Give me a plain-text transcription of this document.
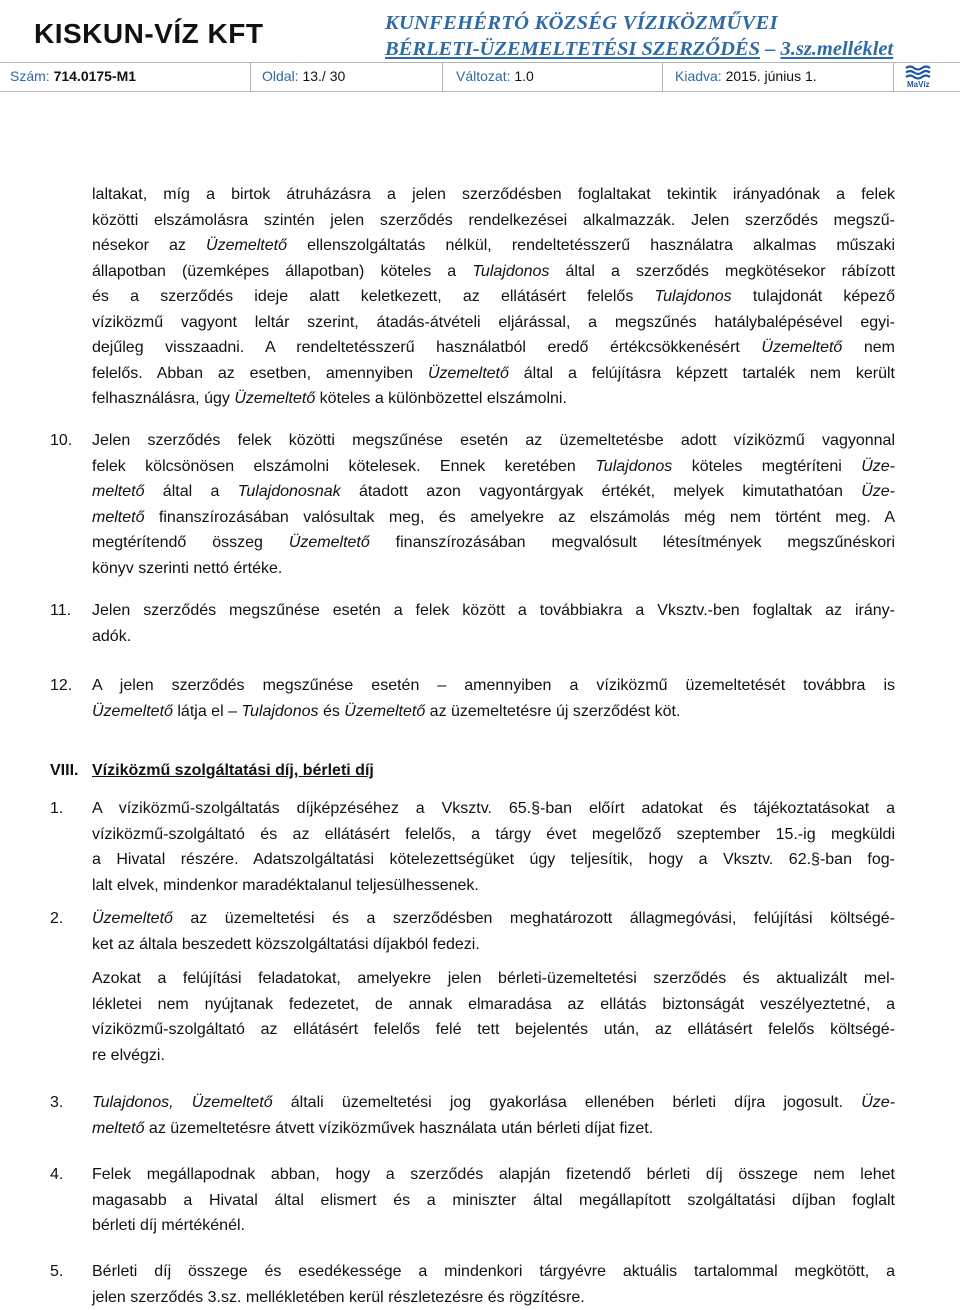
KISKUN-VÍZ KFT	KUNFEHÉRTÓ KÖZSÉG VÍZIKÖZMŰVEI
BÉRLETI-ÜZEMELTETÉSI SZERZŐDÉS – 3.sz.melléklet
Szám: 714.0175-M1	Oldal: 13./ 30	Változat: 1.0	Kiadva: 2015. június 1.
MaVíz
laltakat, míg a birtok átruházásra a jelen szerződésben foglaltakat tekintik irányadónak a felek
közötti elszámolásra szintén jelen szerződés rendelkezései alkalmazzák. Jelen szerződés megszű-
nésekor az Üzemeltető ellenszolgáltatás nélkül, rendeltetésszerű használatra alkalmas műszaki
állapotban (üzemképes állapotban) köteles a Tulajdonos által a szerződés megkötésekor rábízott
és a szerződés ideje alatt keletkezett, az ellátásért felelős Tulajdonos tulajdonát képező
víziközmű vagyont leltár szerint, átadás-átvételi eljárással, a megszűnés hatálybalépésével egyi-
dejűleg visszaadni. A rendeltetésszerű használatból eredő értékcsökkenésért Üzemeltető nem
felelős. Abban az esetben, amennyiben Üzemeltető által a felújításra képzett tartalék nem került
felhasználásra, úgy Üzemeltető köteles a különbözettel elszámolni.
10. Jelen szerződés felek közötti megszűnése esetén az üzemeltetésbe adott víziközmű vagyonnal
felek kölcsönösen elszámolni kötelesek. Ennek keretében Tulajdonos köteles megtéríteni Üze-
meltető által a Tulajdonosnak átadott azon vagyontárgyak értékét, melyek kimutathatóan Üze-
meltető finanszírozásában valósultak meg, és amelyekre az elszámolás még nem történt meg. A
megtérítendő összeg Üzemeltető finanszírozásában megvalósult létesítmények megszűnéskori
könyv szerinti nettó értéke.
11. Jelen szerződés megszűnése esetén a felek között a továbbiakra a Vksztv.-ben foglaltak az irány-
adók.
12. A jelen szerződés megszűnése esetén – amennyiben a víziközmű üzemeltetését továbbra is
Üzemeltető látja el – Tulajdonos és Üzemeltető az üzemeltetésre új szerződést köt.
VIII. Víziközmű szolgáltatási díj, bérleti díj
1. A víziközmű-szolgáltatás díjképzéséhez a Vksztv. 65.§-ban előírt adatokat és tájékoztatásokat a
víziközmű-szolgáltató és az ellátásért felelős, a tárgy évet megelőző szeptember 15.-ig megküldi
a Hivatal részére. Adatszolgáltatási kötelezettségüket úgy teljesítik, hogy a Vksztv. 62.§-ban fog-
lalt elvek, mindenkor maradéktalanul teljesülhessenek.
2. Üzemeltető az üzemeltetési és a szerződésben meghatározott állagmegóvási, felújítási költségé-
ket az általa beszedett közszolgáltatási díjakból fedezi.
Azokat a felújítási feladatokat, amelyekre jelen bérleti-üzemeltetési szerződés és aktualizált mel-
lékletei nem nyújtanak fedezetet, de annak elmaradása az ellátás biztonságát veszélyeztetné, a
víziközmű-szolgáltató az ellátásért felelős felé tett bejelentés után, az ellátásért felelős költségé-
re elvégzi.
3. Tulajdonos, Üzemeltető általi üzemeltetési jog gyakorlása ellenében bérleti díjra jogosult. Üze-
meltető az üzemeltetésre átvett víziközművek használata után bérleti díjat fizet.
4. Felek megállapodnak abban, hogy a szerződés alapján fizetendő bérleti díj összege nem lehet
magasabb a Hivatal által elismert és a miniszter által megállapított szolgáltatási díjban foglalt
bérleti díj mértékénél.
5. Bérleti díj összege és esedékessége a mindenkori tárgyévre aktuális tartalommal megkötött, a
jelen szerződés 3.sz. mellékletében kerül részletezésre és rögzítésre.
